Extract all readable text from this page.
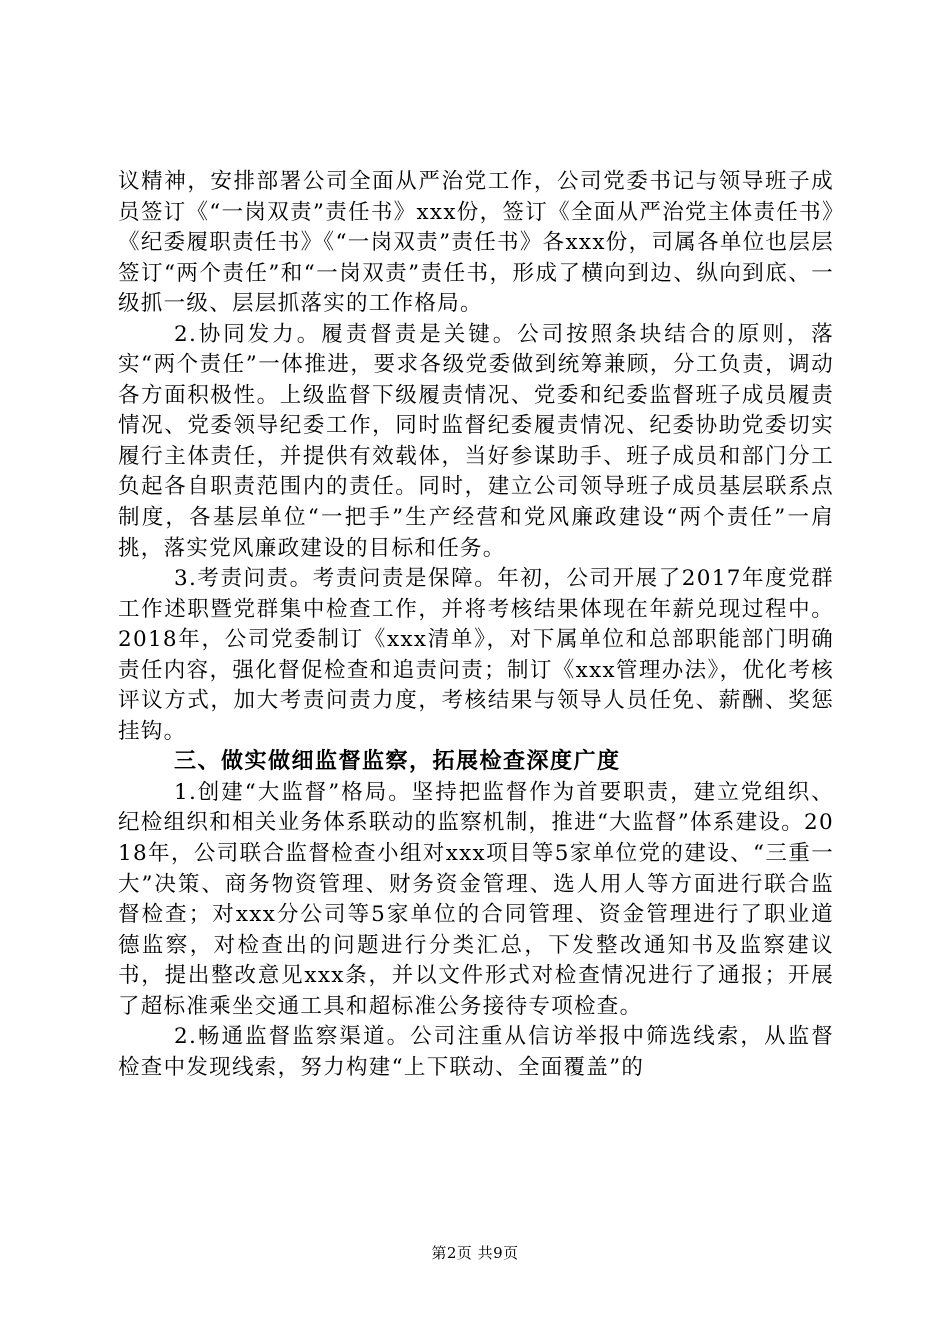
议精神，安排部署公司全面从严治党工作，公司党委书记与领导班子成员签订《“一岗双责”责任书》xxx份，签订《全面从严治党主体责任书》《纪委履职责任书》《“一岗双责”责任书》各xxx份，司属各单位也层层签订“两个责任”和“一岗双责”责任书，形成了横向到边、纵向到底、一级抓一级、层层抓落实的工作格局。

2.协同发力。履责督责是关键。公司按照条块结合的原则，落实“两个责任”一体推进，要求各级党委做到统筹兼顾，分工负责，调动各方面积极性。上级监督下级履责情况、党委和纪委监督班子成员履责情况、党委领导纪委工作，同时监督纪委履责情况、纪委协助党委切实履行主体责任，并提供有效载体，当好参谋助手、班子成员和部门分工负起各自职责范围内的责任。同时，建立公司领导班子成员基层联系点制度，各基层单位“一把手”生产经营和党风廉政建设“两个责任”一肩挑，落实党风廉政建设的目标和任务。

3.考责问责。考责问责是保障。年初，公司开展了2017年度党群工作述职暨党群集中检查工作，并将考核结果体现在年薪兑现过程中。2018年，公司党委制订《xxx清单》，对下属单位和总部职能部门明确责任内容，强化督促检查和追责问责；制订《xxx管理办法》，优化考核评议方式，加大考责问责力度，考核结果与领导人员任免、薪酬、奖惩挂钩。

三、做实做细监督监察，拓展检查深度广度

1.创建“大监督”格局。坚持把监督作为首要职责，建立党组织、纪检组织和相关业务体系联动的监察机制，推进“大监督”体系建设。2018年，公司联合监督检查小组对xxx项目等5家单位党的建设、“三重一大”决策、商务物资管理、财务资金管理、选人用人等方面进行联合监督检查；对xxx分公司等5家单位的合同管理、资金管理进行了职业道德监察，对检查出的问题进行分类汇总，下发整改通知书及监察建议书，提出整改意见xxx条，并以文件形式对检查情况进行了通报；开展了超标准乘坐交通工具和超标准公务接待专项检查。

2.畅通监督监察渠道。公司注重从信访举报中筛选线索，从监督检查中发现线索，努力构建“上下联动、全面覆盖”的

第2页 共9页
